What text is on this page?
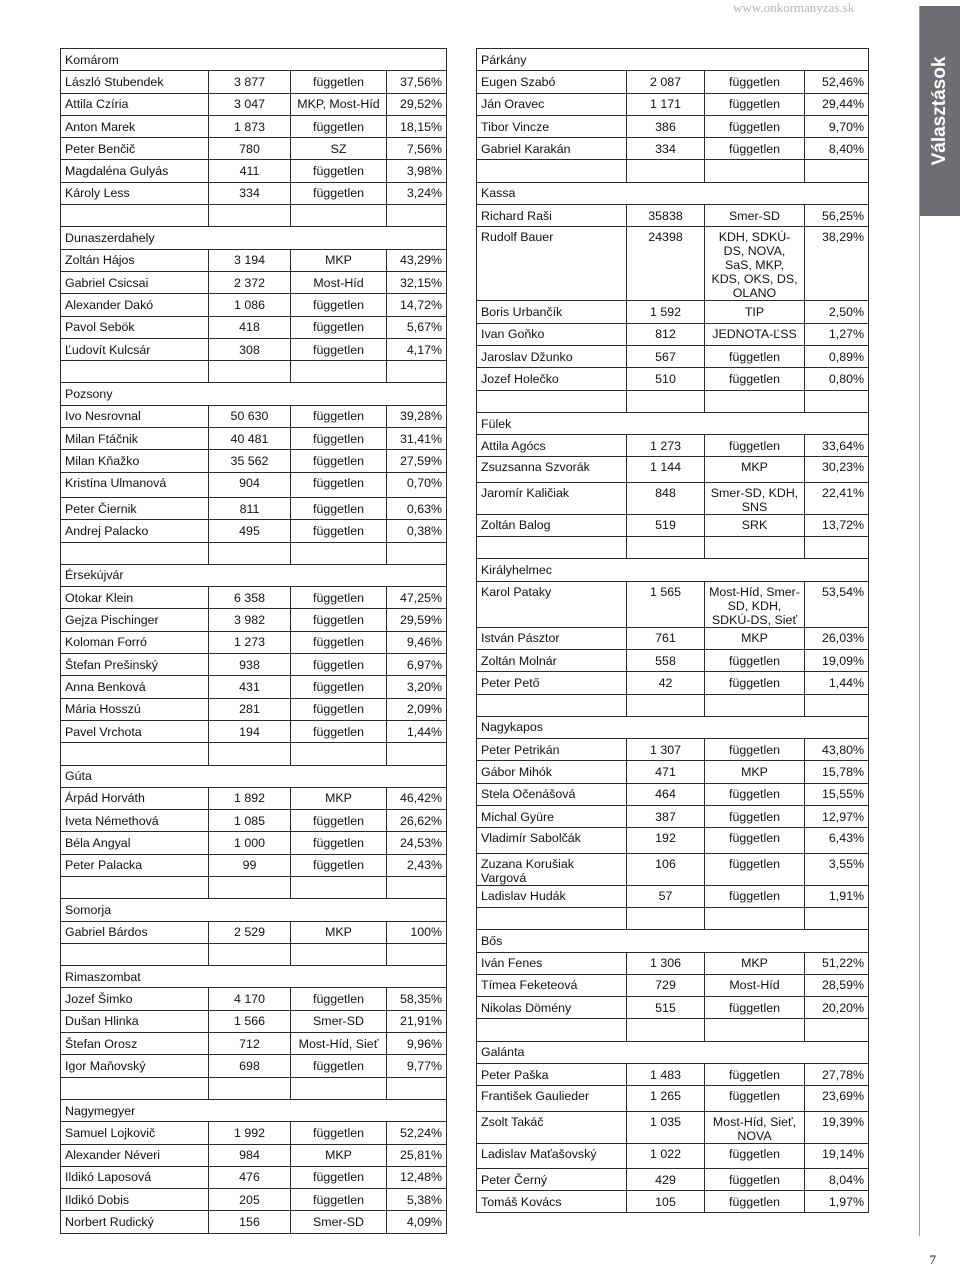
www.onkormanyzas.sk
Választások
Komárom			
László Stubendek	3 877	független	37,56%
Attila Czíria	3 047	MKP, Most-Híd	29,52%
Anton Marek	1 873	független	18,15%
Peter Benčič	780	SZ	7,56%
Magdaléna Gulyás	411	független	3,98%
Károly Less	334	független	3,24%

Dunaszerdahely			
Zoltán Hájos	3 194	MKP	43,29%
Gabriel Csicsai	2 372	Most-Híd	32,15%
Alexander Dakó	1 086	független	14,72%
Pavol Sebök	418	független	5,67%
Ľudovít Kulcsár	308	független	4,17%

Pozsony			
Ivo Nesrovnal	50 630	független	39,28%
Milan Ftáčnik	40 481	független	31,41%
Milan Kňažko	35 562	független	27,59%
Kristína Ulmanová	904	független	0,70%
Peter Čiernik	811	független	0,63%
Andrej Palacko	495	független	0,38%

Érsekújvár			
Otokar Klein	6 358	független	47,25%
Gejza Pischinger	3 982	független	29,59%
Koloman Forró	1 273	független	9,46%
Štefan Prešinský	938	független	6,97%
Anna Benková	431	független	3,20%
Mária Hosszú	281	független	2,09%
Pavel Vrchota	194	független	1,44%

Gúta			
Árpád Horváth	1 892	MKP	46,42%
Iveta Némethová	1 085	független	26,62%
Béla Angyal	1 000	független	24,53%
Peter Palacka	99	független	2,43%

Somorja			
Gabriel Bárdos	2 529	MKP	100%

Rimaszombat			
Jozef Šimko	4 170	független	58,35%
Dušan Hlinka	1 566	Smer-SD	21,91%
Štefan Orosz	712	Most-Híd, Sieť	9,96%
Igor Maňovský	698	független	9,77%

Nagymegyer			
Samuel Lojkovič	1 992	független	52,24%
Alexander Néveri	984	MKP	25,81%
Ildikó Laposová	476	független	12,48%
Ildikó Dobis	205	független	5,38%
Norbert Rudický	156	Smer-SD	4,09%
Párkány			
Eugen Szabó	2 087	független	52,46%
Ján Oravec	1 171	független	29,44%
Tibor Vincze	386	független	9,70%
Gabriel Karakán	334	független	8,40%

Kassa			
Richard Raši	35838	Smer-SD	56,25%
Rudolf Bauer	24398	KDH, SDKÚ-DS, NOVA, SaS, MKP, KDS, OKS, DS, OLANO	38,29%
Boris Urbančík	1 592	TIP	2,50%
Ivan Goňko	812	JEDNOTA-ĽSS	1,27%
Jaroslav Džunko	567	független	0,89%
Jozef Holečko	510	független	0,80%

Fülek			
Attila Agócs	1 273	független	33,64%
Zsuzsanna Szvorák	1 144	MKP	30,23%
Jaromír Kaličiak	848	Smer-SD, KDH, SNS	22,41%
Zoltán Balog	519	SRK	13,72%

Királyhelmec			
Karol Pataky	1 565	Most-Híd, Smer-SD, KDH, SDKÚ-DS, Sieť	53,54%
István Pásztor	761	MKP	26,03%
Zoltán Molnár	558	független	19,09%
Peter Pető	42	független	1,44%

Nagykapos			
Peter Petrikán	1 307	független	43,80%
Gábor Mihók	471	MKP	15,78%
Stela Očenášová	464	független	15,55%
Michal Gyüre	387	független	12,97%
Vladimír Sabolčák	192	független	6,43%
Zuzana Korušiak Vargová	106	független	3,55%
Ladislav Hudák	57	független	1,91%

Bős			
Iván Fenes	1 306	MKP	51,22%
Tímea Feketeová	729	Most-Híd	28,59%
Nikolas Dömény	515	független	20,20%

Galánta			
Peter Paška	1 483	független	27,78%
František Gaulieder	1 265	független	23,69%
Zsolt Takáč	1 035	Most-Híd, Sieť, NOVA	19,39%
Ladislav Maťašovský	1 022	független	19,14%
Peter Černý	429	független	8,04%
Tomáš Kovács	105	független	1,97%
7
